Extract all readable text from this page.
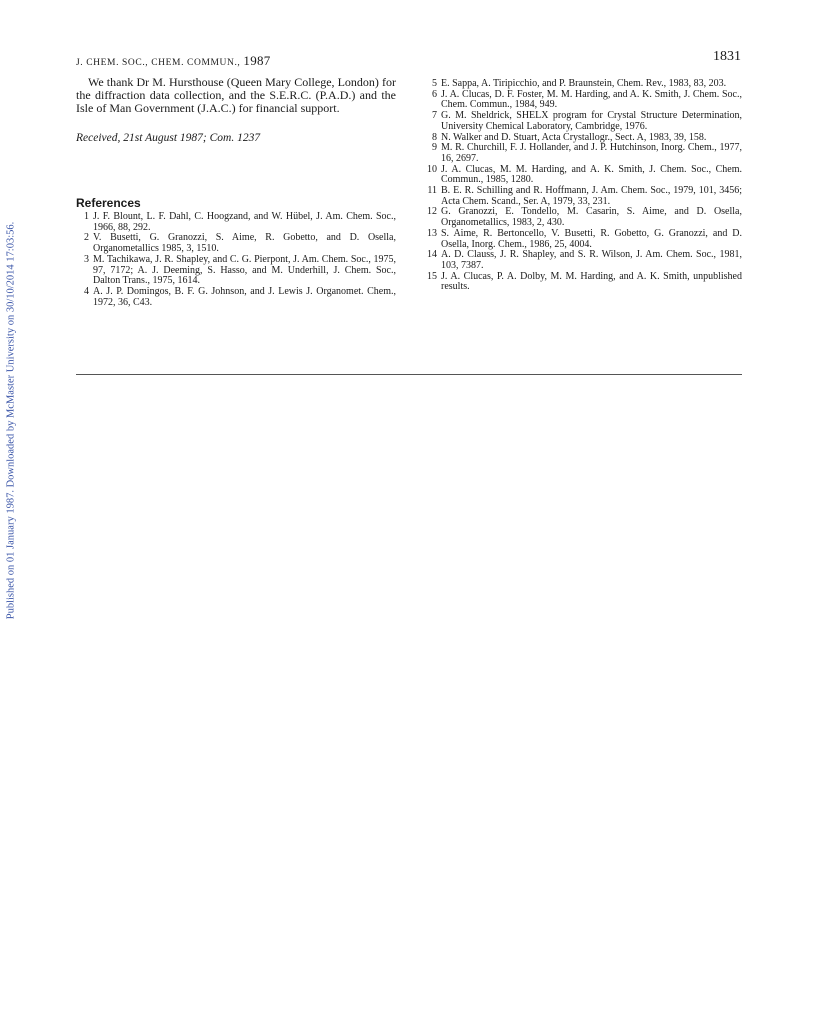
J. CHEM. SOC., CHEM. COMMUN., 1987	1831
Published on 01 January 1987. Downloaded by McMaster University on 30/10/2014 17:03:56.

We thank Dr M. Hursthouse (Queen Mary College, London) for the diffraction data collection, and the S.E.R.C. (P.A.D.) and the Isle of Man Government (J.A.C.) for financial support.

Received, 21st August 1987; Com. 1237

References
1 J. F. Blount, L. F. Dahl, C. Hoogzand, and W. Hübel, J. Am. Chem. Soc., 1966, 88, 292.
2 V. Busetti, G. Granozzi, S. Aime, R. Gobetto, and D. Osella, Organometallics 1985, 3, 1510.
3 M. Tachikawa, J. R. Shapley, and C. G. Pierpont, J. Am. Chem. Soc., 1975, 97, 7172; A. J. Deeming, S. Hasso, and M. Underhill, J. Chem. Soc., Dalton Trans., 1975, 1614.
4 A. J. P. Domingos, B. F. G. Johnson, and J. Lewis J. Organomet. Chem., 1972, 36, C43.
5 E. Sappa, A. Tiripicchio, and P. Braunstein, Chem. Rev., 1983, 83, 203.
6 J. A. Clucas, D. F. Foster, M. M. Harding, and A. K. Smith, J. Chem. Soc., Chem. Commun., 1984, 949.
7 G. M. Sheldrick, SHELX program for Crystal Structure Determination, University Chemical Laboratory, Cambridge, 1976.
8 N. Walker and D. Stuart, Acta Crystallogr., Sect. A, 1983, 39, 158.
9 M. R. Churchill, F. J. Hollander, and J. P. Hutchinson, Inorg. Chem., 1977, 16, 2697.
10 J. A. Clucas, M. M. Harding, and A. K. Smith, J. Chem. Soc., Chem. Commun., 1985, 1280.
11 B. E. R. Schilling and R. Hoffmann, J. Am. Chem. Soc., 1979, 101, 3456; Acta Chem. Scand., Ser. A, 1979, 33, 231.
12 G. Granozzi, E. Tondello, M. Casarin, S. Aime, and D. Osella, Organometallics, 1983, 2, 430.
13 S. Aime, R. Bertoncello, V. Busetti, R. Gobetto, G. Granozzi, and D. Osella, Inorg. Chem., 1986, 25, 4004.
14 A. D. Clauss, J. R. Shapley, and S. R. Wilson, J. Am. Chem. Soc., 1981, 103, 7387.
15 J. A. Clucas, P. A. Dolby, M. M. Harding, and A. K. Smith, unpublished results.
